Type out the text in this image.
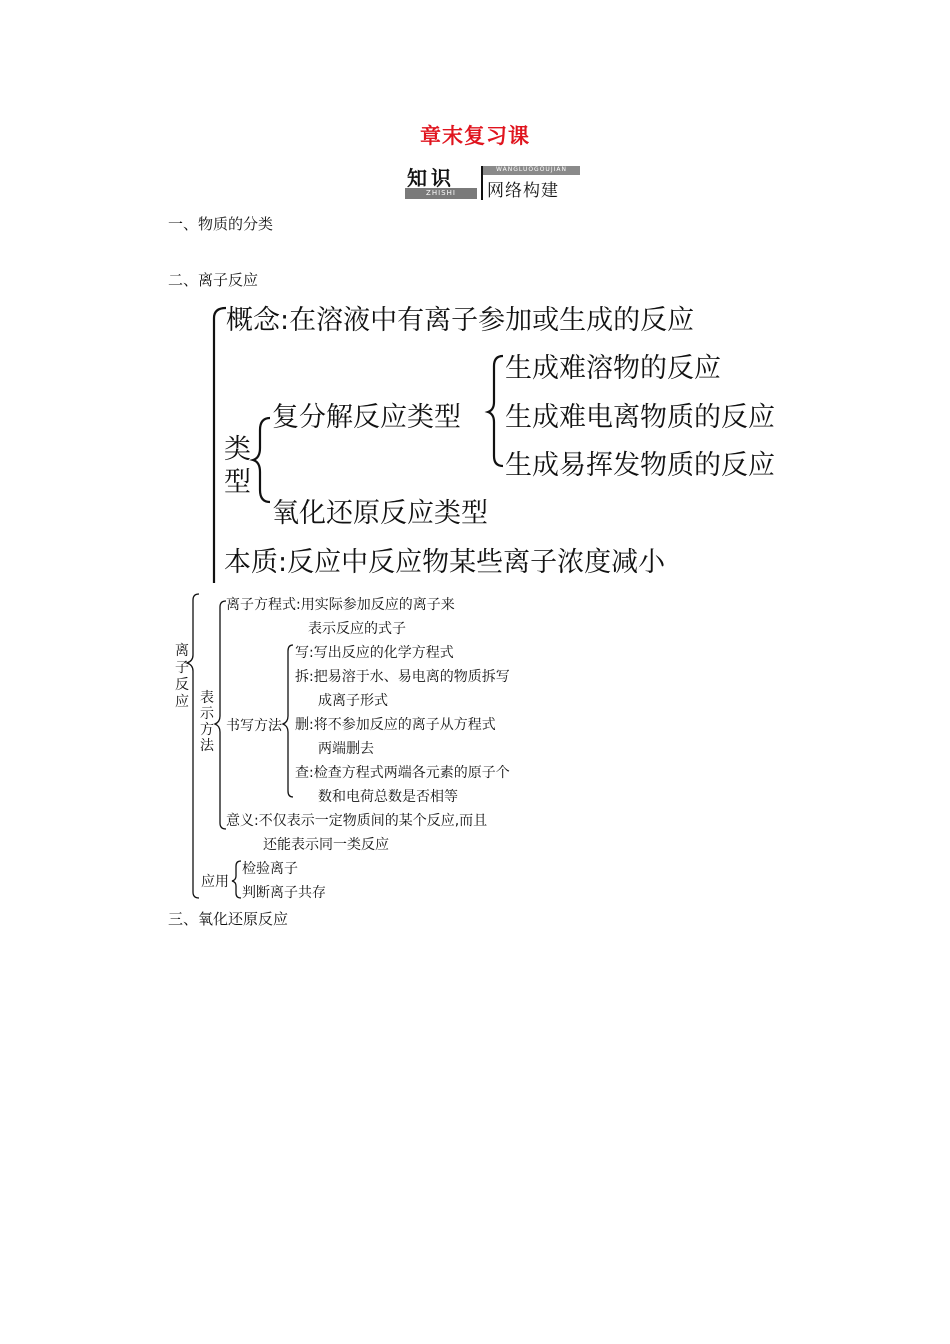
章末复习课
ZHISHI
知识	WANGLUOGOUJIAN
网络构建
一、物质的分类
二、离子反应
概念:在溶液中有离子参加或生成的反应
类
型
复分解反应类型
生成难溶物的反应
生成难电离物质的反应
生成易挥发物质的反应
氧化还原反应类型
本质:反应中反应物某些离子浓度减小
离
子
反
应 表
示
方
法
离子方程式:用实际参加反应的离子来
表示反应的式子
书写方法
写:写出反应的化学方程式
拆:把易溶于水、易电离的物质拆写
成离子形式
删:将不参加反应的离子从方程式
两端删去
查:检查方程式两端各元素的原子个
数和电荷总数是否相等
意义:不仅表示一定物质间的某个反应,而且
还能表示同一类反应
应用
检验离子
判断离子共存
三、氧化还原反应
